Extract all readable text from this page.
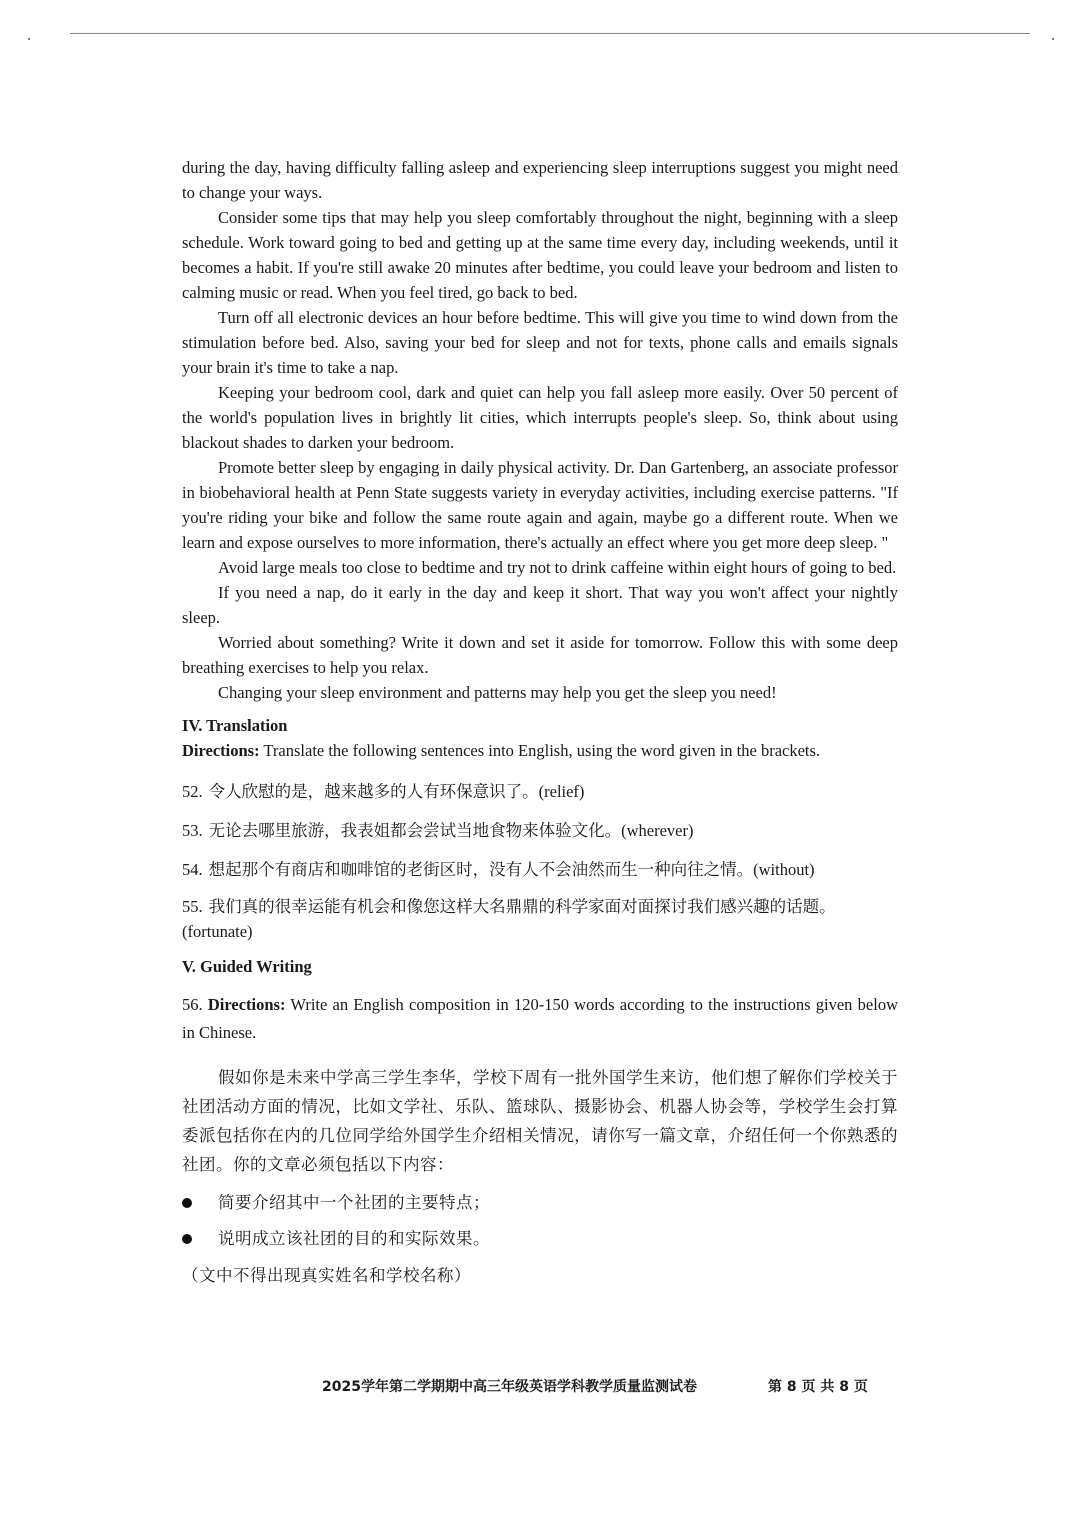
during the day, having difficulty falling asleep and experiencing sleep interruptions suggest you might need to change your ways.

Consider some tips that may help you sleep comfortably throughout the night, beginning with a sleep schedule. Work toward going to bed and getting up at the same time every day, including weekends, until it becomes a habit. If you're still awake 20 minutes after bedtime, you could leave your bedroom and listen to calming music or read. When you feel tired, go back to bed.

Turn off all electronic devices an hour before bedtime. This will give you time to wind down from the stimulation before bed. Also, saving your bed for sleep and not for texts, phone calls and emails signals your brain it's time to take a nap.

Keeping your bedroom cool, dark and quiet can help you fall asleep more easily. Over 50 percent of the world's population lives in brightly lit cities, which interrupts people's sleep. So, think about using blackout shades to darken your bedroom.

Promote better sleep by engaging in daily physical activity. Dr. Dan Gartenberg, an associate professor in biobehavioral health at Penn State suggests variety in everyday activities, including exercise patterns. "If you're riding your bike and follow the same route again and again, maybe go a different route. When we learn and expose ourselves to more information, there's actually an effect where you get more deep sleep. "

Avoid large meals too close to bedtime and try not to drink caffeine within eight hours of going to bed.

If you need a nap, do it early in the day and keep it short. That way you won't affect your nightly sleep.

Worried about something? Write it down and set it aside for tomorrow. Follow this with some deep breathing exercises to help you relax.

Changing your sleep environment and patterns may help you get the sleep you need!

IV. Translation
Directions: Translate the following sentences into English, using the word given in the brackets.
52. 令人欣慰的是，越来越多的人有环保意识了。(relief)
53. 无论去哪里旅游，我表姐都会尝试当地食物来体验文化。(wherever)
54. 想起那个有商店和咖啡馆的老街区时，没有人不会油然而生一种向往之情。(without)
55. 我们真的很幸运能有机会和像您这样大名鼎鼎的科学家面对面探讨我们感兴趣的话题。(fortunate)
V. Guided Writing
56. Directions: Write an English composition in 120-150 words according to the instructions given below in Chinese.
假如你是未来中学高三学生李华，学校下周有一批外国学生来访，他们想了解你们学校关于社团活动方面的情况，比如文学社、乐队、篮球队、摄影协会、机器人协会等，学校学生会打算委派包括你在内的几位同学给外国学生介绍相关情况，请你写一篇文章，介绍任何一个你熟悉的社团。你的文章必须包括以下内容：
简要介绍其中一个社团的主要特点；
说明成立该社团的目的和实际效果。
（文中不得出现真实姓名和学校名称）
2025学年第二学期期中高三年级英语学科教学质量监测试卷	第 8 页 共 8 页
